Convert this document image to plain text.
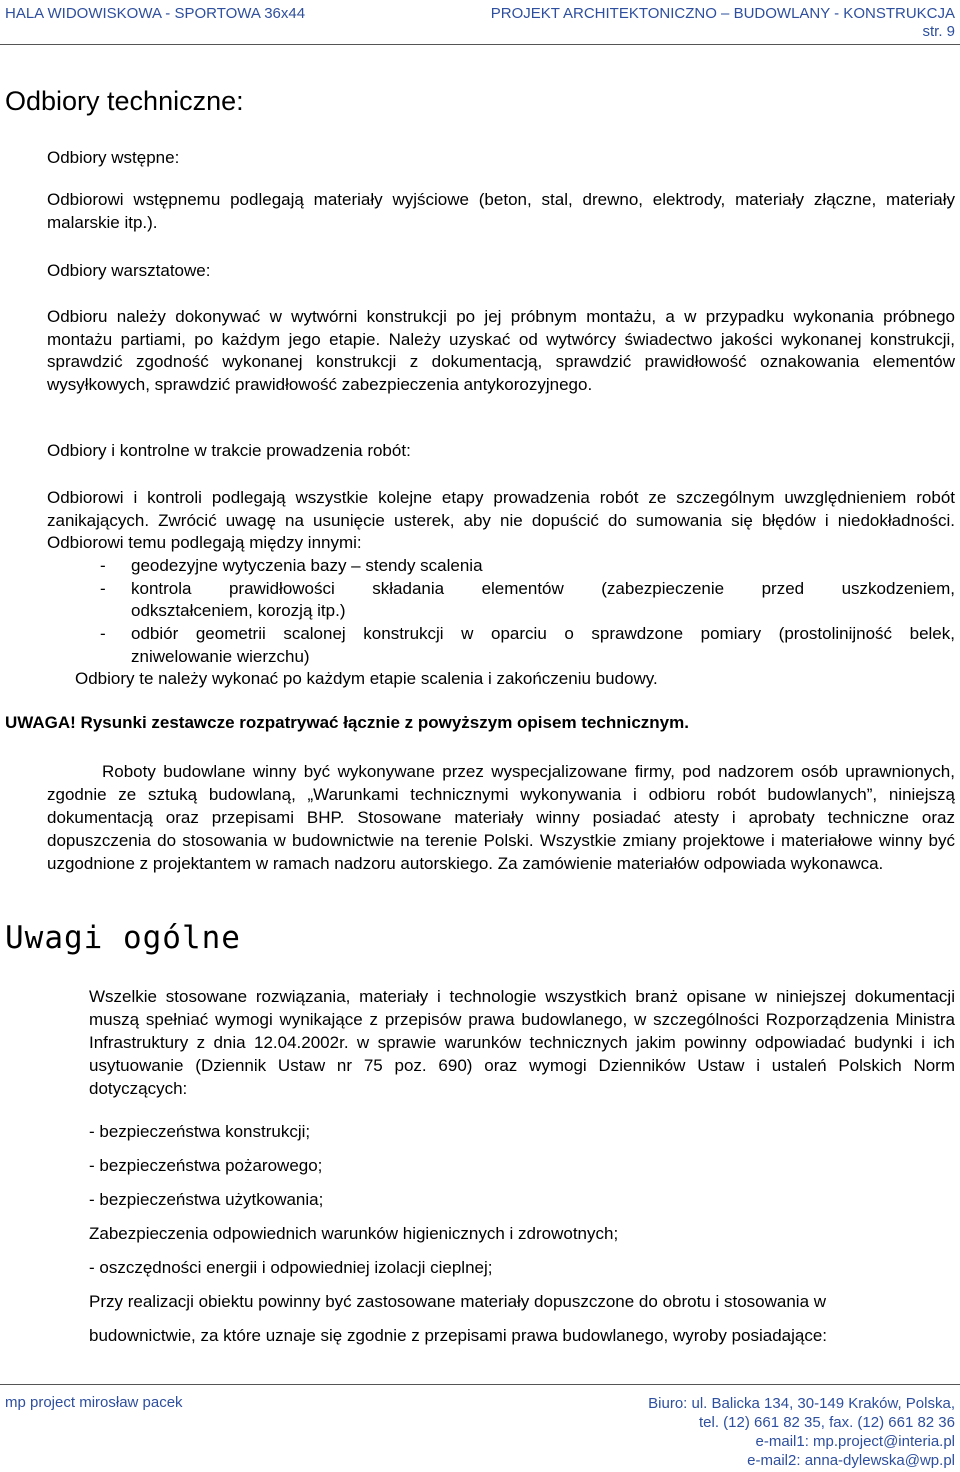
HALA WIDOWISKOWA - SPORTOWA 36x44	PROJEKT ARCHITEKTONICZNO – BUDOWLANY - KONSTRUKCJA
str. 9
Odbiory techniczne:
Odbiory wstępne:
Odbiorowi wstępnemu podlegają materiały wyjściowe (beton, stal, drewno, elektrody, materiały złączne, materiały malarskie itp.).
Odbiory warsztatowe:
Odbioru należy dokonywać w wytwórni konstrukcji po jej próbnym montażu, a w przypadku wykonania próbnego montażu partiami, po każdym jego etapie. Należy uzyskać od wytwórcy świadectwo jakości wykonanej konstrukcji, sprawdzić zgodność wykonanej konstrukcji z dokumentacją, sprawdzić prawidłowość oznakowania elementów wysyłkowych, sprawdzić prawidłowość zabezpieczenia antykorozyjnego.
Odbiory i kontrolne w trakcie prowadzenia robót:
Odbiorowi i kontroli podlegają wszystkie kolejne etapy prowadzenia robót ze szczególnym uwzględnieniem robót zanikających. Zwrócić uwagę na usunięcie usterek, aby nie dopuścić do sumowania się błędów i niedokładności. Odbiorowi temu podlegają między innymi:
- geodezyjne wytyczenia bazy – stendy scalenia
- kontrola prawidłowości składania elementów (zabezpieczenie przed uszkodzeniem,
odkształceniem, korozją itp.)
- odbiór geometrii scalonej konstrukcji w oparciu o sprawdzone pomiary (prostolinijność belek,
zniwelowanie wierzchu)
Odbiory te należy wykonać po każdym etapie scalenia i zakończeniu budowy.
UWAGA! Rysunki zestawcze rozpatrywać łącznie z powyższym opisem technicznym.
Roboty budowlane winny być wykonywane przez wyspecjalizowane firmy, pod nadzorem osób uprawnionych, zgodnie ze sztuką budowlaną, „Warunkami technicznymi wykonywania i odbioru robót budowlanych”, niniejszą dokumentacją oraz przepisami BHP. Stosowane materiały winny posiadać atesty i aprobaty techniczne oraz dopuszczenia do stosowania w budownictwie na terenie Polski. Wszystkie zmiany projektowe i materiałowe winny być uzgodnione z projektantem w ramach nadzoru autorskiego. Za zamówienie materiałów odpowiada wykonawca.
Uwagi ogólne
Wszelkie stosowane rozwiązania, materiały i technologie wszystkich branż opisane w niniejszej dokumentacji muszą spełniać wymogi wynikające z przepisów prawa budowlanego, w szczególności Rozporządzenia Ministra Infrastruktury z dnia 12.04.2002r. w sprawie warunków technicznych jakim powinny odpowiadać budynki i ich usytuowanie (Dziennik Ustaw nr 75 poz. 690) oraz wymogi Dzienników Ustaw i ustaleń Polskich Norm dotyczących:
- bezpieczeństwa konstrukcji;
- bezpieczeństwa pożarowego;
- bezpieczeństwa użytkowania;
Zabezpieczenia odpowiednich warunków higienicznych i zdrowotnych;
- oszczędności energii i odpowiedniej izolacji cieplnej;
Przy realizacji obiektu powinny być zastosowane materiały dopuszczone do obrotu i stosowania w
budownictwie, za które uznaje się zgodnie z przepisami prawa budowlanego, wyroby posiadające:
mp project mirosław pacek	Biuro: ul. Balicka 134, 30-149 Kraków, Polska,
tel. (12) 661 82 35, fax. (12) 661 82 36
e-mail1: mp.project@interia.pl
e-mail2: anna-dylewska@wp.pl
